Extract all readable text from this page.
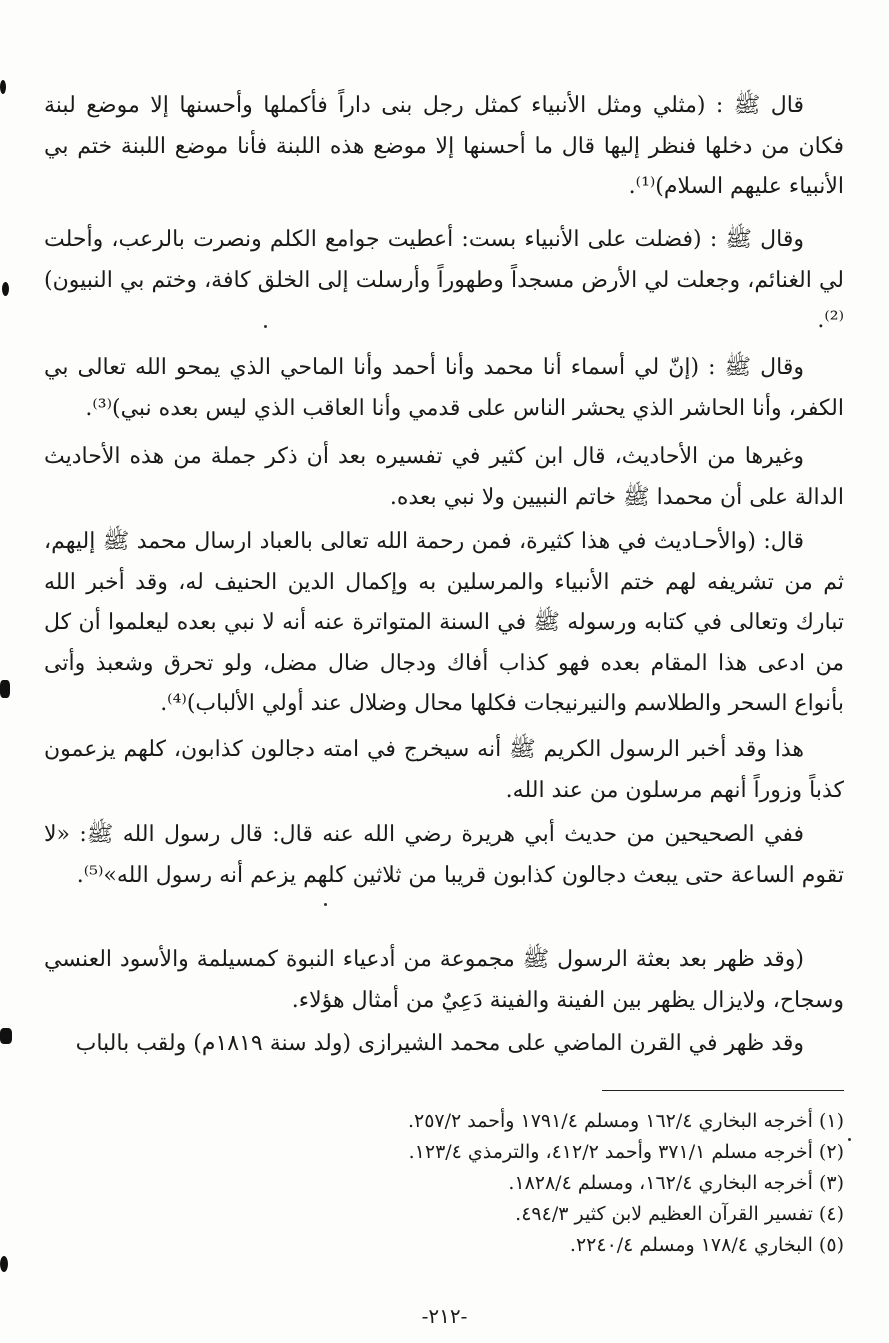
قال ﷺ : (مثلي ومثل الأنبياء كمثل رجل بنى داراً فأكملها وأحسنها إلا موضع لبنة فكان من دخلها فنظر إليها قال ما أحسنها إلا موضع هذه اللبنة فأنا موضع اللبنة ختم بي الأنبياء عليهم السلام)⁽¹⁾.

وقال ﷺ : (فضلت على الأنبياء بست: أعطيت جوامع الكلم ونصرت بالرعب، وأحلت لي الغنائم، وجعلت لي الأرض مسجداً وطهوراً وأرسلت إلى الخلق كافة، وختم بي النبيون)⁽²⁾.

وقال ﷺ : (إنّ لي أسماء أنا محمد وأنا أحمد وأنا الماحي الذي يمحو الله تعالى بي الكفر، وأنا الحاشر الذي يحشر الناس على قدمي وأنا العاقب الذي ليس بعده نبي)⁽³⁾.

وغيرها من الأحاديث، قال ابن كثير في تفسيره بعد أن ذكر جملة من هذه الأحاديث الدالة على أن محمدا ﷺ خاتم النبيين ولا نبي بعده.

قال: (والأحـاديث في هذا كثيرة، فمن رحمة الله تعالى بالعباد ارسال محمد ﷺ إليهم، ثم من تشريفه لهم ختم الأنبياء والمرسلين به وإكمال الدين الحنيف له، وقد أخبر الله تبارك وتعالى في كتابه ورسوله ﷺ في السنة المتواترة عنه أنه لا نبي بعده ليعلموا أن كل من ادعى هذا المقام بعده فهو كذاب أفاك ودجال ضال مضل، ولو تحرق وشعبذ وأتى بأنواع السحر والطلاسم والنيرنيجات فكلها محال وضلال عند أولي الألباب)⁽⁴⁾.

هذا وقد أخبر الرسول الكريم ﷺ أنه سيخرج في امته دجالون كذابون، كلهم يزعمون كذباً وزوراً أنهم مرسلون من عند الله.

ففي الصحيحين من حديث أبي هريرة رضي الله عنه قال: قال رسول الله ﷺ: «لا تقوم الساعة حتى يبعث دجالون كذابون قريبا من ثلاثين كلهم يزعم أنه رسول الله»⁽⁵⁾.

(وقد ظهر بعد بعثة الرسول ﷺ مجموعة من أدعياء النبوة كمسيلمة والأسود العنسي وسجاح، ولايزال يظهر بين الفينة والفينة دَعِيٌ من أمثال هؤلاء.

وقد ظهر في القرن الماضي على محمد الشيرازى (ولد سنة ١٨١٩م) ولقب بالباب

(١) أخرجه البخاري ١٦٢/٤ ومسلم ١٧٩١/٤ وأحمد ٢٥٧/٢.
(٢) أخرجه مسلم ٣٧١/١ وأحمد ٤١٢/٢، والترمذي ١٢٣/٤.
(٣) أخرجه البخاري ١٦٢/٤، ومسلم ١٨٢٨/٤.
(٤) تفسير القرآن العظيم لابن كثير ٤٩٤/٣.
(٥) البخاري ١٧٨/٤ ومسلم ٢٢٤٠/٤.
-٢١٢-
